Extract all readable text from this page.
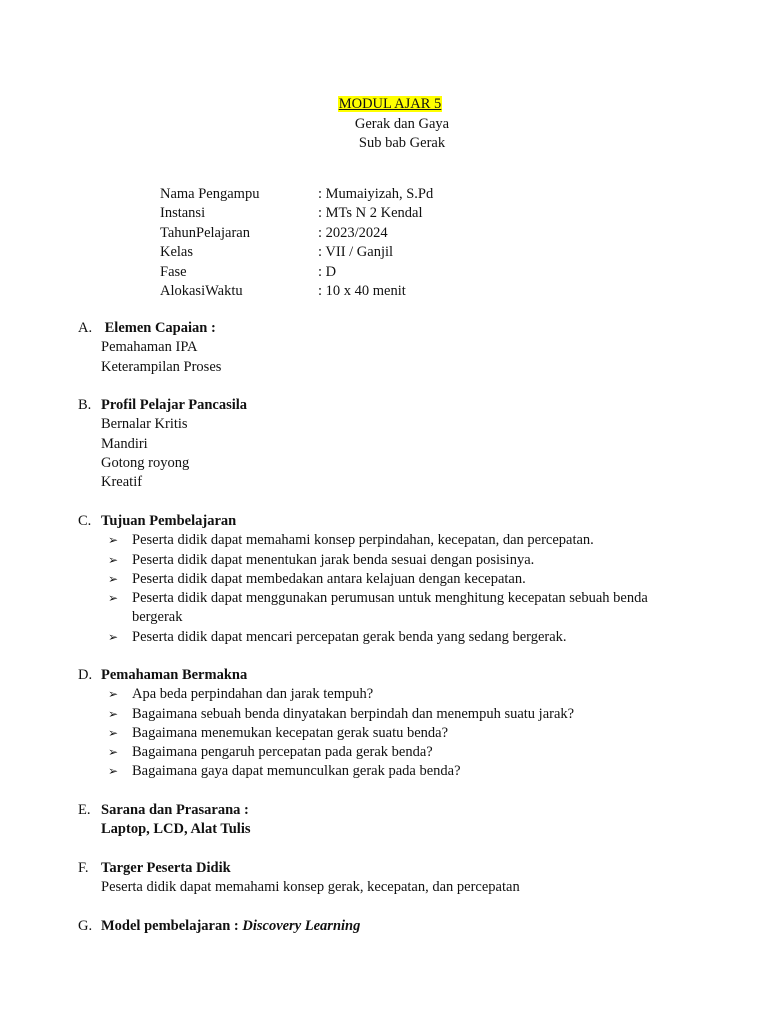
MODUL AJAR 5
Gerak dan Gaya
Sub bab Gerak
Nama Pengampu	: Mumaiyizah, S.Pd
Instansi	: MTs N 2 Kendal
TahunPelajaran	: 2023/2024
Kelas	: VII / Ganjil
Fase	: D
AlokasiWaktu	: 10 x 40 menit
A. Elemen Capaian :
Pemahaman IPA
Keterampilan Proses
B. Profil Pelajar Pancasila
Bernalar Kritis
Mandiri
Gotong royong
Kreatif
C. Tujuan Pembelajaran
➢ Peserta didik dapat memahami konsep perpindahan, kecepatan, dan percepatan.
➢ Peserta didik dapat menentukan jarak benda sesuai dengan posisinya.
➢ Peserta didik dapat membedakan antara kelajuan dengan kecepatan.
➢ Peserta didik dapat menggunakan perumusan untuk menghitung kecepatan sebuah benda
bergerak
➢ Peserta didik dapat mencari percepatan gerak benda yang sedang bergerak.
D. Pemahaman Bermakna
➢ Apa beda perpindahan dan jarak tempuh?
➢ Bagaimana sebuah benda dinyatakan berpindah dan menempuh suatu jarak?
➢ Bagaimana menemukan kecepatan gerak suatu benda?
➢ Bagaimana pengaruh percepatan pada gerak benda?
➢ Bagaimana gaya dapat memunculkan gerak pada benda?
E. Sarana dan Prasarana :
Laptop, LCD, Alat Tulis
F. Targer Peserta Didik
Peserta didik dapat memahami konsep gerak, kecepatan, dan percepatan
G. Model pembelajaran : Discovery Learning
